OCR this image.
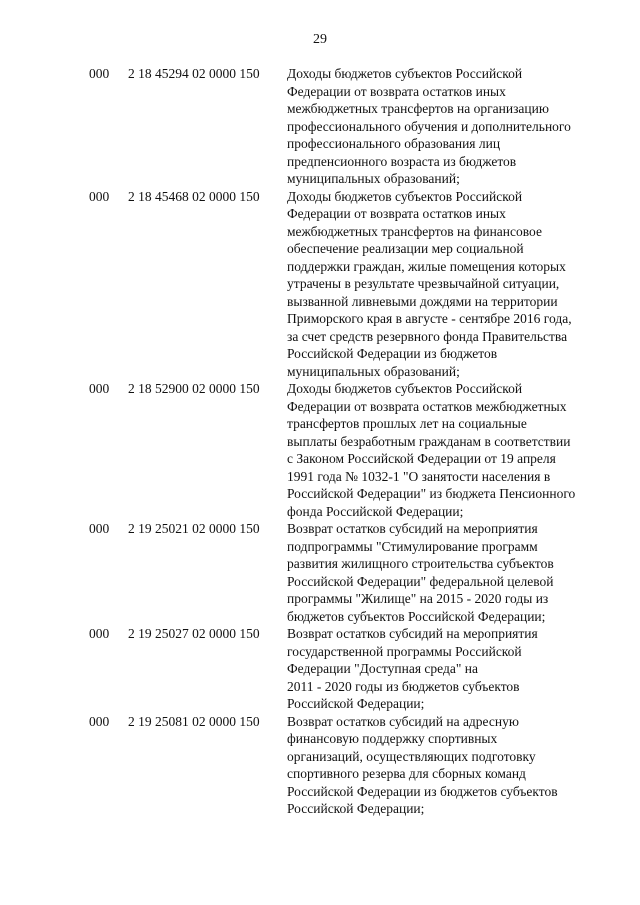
29
000 2 18 45294 02 0000 150 Доходы бюджетов субъектов Российской
Федерации от возврата остатков иных
межбюджетных трансфертов на организацию
профессионального обучения и дополнительного
профессионального образования лиц
предпенсионного возраста из бюджетов
муниципальных образований;
000 2 18 45468 02 0000 150 Доходы бюджетов субъектов Российской
Федерации от возврата остатков иных
межбюджетных трансфертов на финансовое
обеспечение реализации мер социальной
поддержки граждан, жилые помещения которых
утрачены в результате чрезвычайной ситуации,
вызванной ливневыми дождями на территории
Приморского края в августе - сентябре 2016 года,
за счет средств резервного фонда Правительства
Российской Федерации из бюджетов
муниципальных образований;
000 2 18 52900 02 0000 150 Доходы бюджетов субъектов Российской
Федерации от возврата остатков межбюджетных
трансфертов прошлых лет на социальные
выплаты безработным гражданам в соответствии
с Законом Российской Федерации от 19 апреля
1991 года № 1032-1 "О занятости населения в
Российской Федерации" из бюджета Пенсионного
фонда Российской Федерации;
000 2 19 25021 02 0000 150 Возврат остатков субсидий на мероприятия
подпрограммы "Стимулирование программ
развития жилищного строительства субъектов
Российской Федерации" федеральной целевой
программы "Жилище" на 2015 - 2020 годы из
бюджетов субъектов Российской Федерации;
000 2 19 25027 02 0000 150 Возврат остатков субсидий на мероприятия
государственной программы Российской
Федерации "Доступная среда" на
2011 - 2020 годы из бюджетов субъектов
Российской Федерации;
000 2 19 25081 02 0000 150 Возврат остатков субсидий на адресную
финансовую поддержку спортивных
организаций, осуществляющих подготовку
спортивного резерва для сборных команд
Российской Федерации из бюджетов субъектов
Российской Федерации;
